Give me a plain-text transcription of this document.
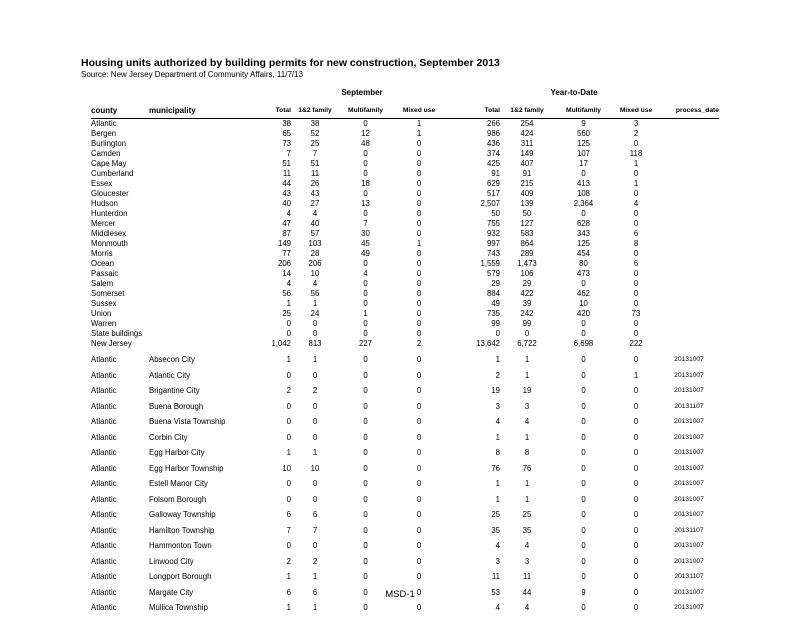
Housing units authorized by building permits for new construction, September 2013
Source: New Jersey Department of Community Affairs, 11/7/13
September	Year-to-Date
county	municipality	Total	1&2 family	Multifamily	Mixed use	Total	1&2 family	Multifamily	Mixed use	process_date
Atlantic		38	38	0	1	266	254	9	3	
Bergen		65	52	12	1	986	424	560	2	
Burlington		73	25	48	0	436	311	125	0	
Camden		7	7	0	0	374	149	107	118	
Cape May		51	51	0	0	425	407	17	1	
Cumberland		11	11	0	0	91	91	0	0	
Essex		44	26	18	0	629	215	413	1	
Gloucester		43	43	0	0	517	409	108	0	
Hudson		40	27	13	0	2,507	139	2,364	4	
Hunterdon		4	4	0	0	50	50	0	0	
Mercer		47	40	7	0	755	127	628	0	
Middlesex		87	57	30	0	932	583	343	6	
Monmouth		149	103	45	1	997	864	125	8	
Morris		77	28	49	0	743	289	454	0	
Ocean		206	206	0	0	1,559	1,473	80	6	
Passaic		14	10	4	0	579	106	473	0	
Salem		4	4	0	0	29	29	0	0	
Somerset		56	56	0	0	884	422	462	0	
Sussex		1	1	0	0	49	39	10	0	
Union		25	24	1	0	735	242	420	73	
Warren		0	0	0	0	99	99	0	0	
State buildings		0	0	0	0	0	0	0	0	
New Jersey		1,042	813	227	2	13,642	6,722	6,698	222	
Atlantic	Absecon City	1	1	0	0	1	1	0	0	20131007
Atlantic	Atlantic City	0	0	0	0	2	1	0	1	20131007
Atlantic	Brigantine City	2	2	0	0	19	19	0	0	20131007
Atlantic	Buena Borough	0	0	0	0	3	3	0	0	20131107
Atlantic	Buena Vista Township	0	0	0	0	4	4	0	0	20131007
Atlantic	Corbin City	0	0	0	0	1	1	0	0	20131007
Atlantic	Egg Harbor City	1	1	0	0	8	8	0	0	20131007
Atlantic	Egg Harbor Township	10	10	0	0	76	76	0	0	20131007
Atlantic	Estell Manor City	0	0	0	0	1	1	0	0	20131007
Atlantic	Folsom Borough	0	0	0	0	1	1	0	0	20131007
Atlantic	Galloway Township	6	6	0	0	25	25	0	0	20131007
Atlantic	Hamilton Township	7	7	0	0	35	35	0	0	20131107
Atlantic	Hammonton Town	0	0	0	0	4	4	0	0	20131007
Atlantic	Linwood City	2	2	0	0	3	3	0	0	20131007
Atlantic	Longport Borough	1	1	0	0	11	11	0	0	20131107
Atlantic	Margate City	6	6	0	0	53	44	9	0	20131007
Atlantic	Mullica Township	1	1	0	0	4	4	0	0	20131007
MSD-1
